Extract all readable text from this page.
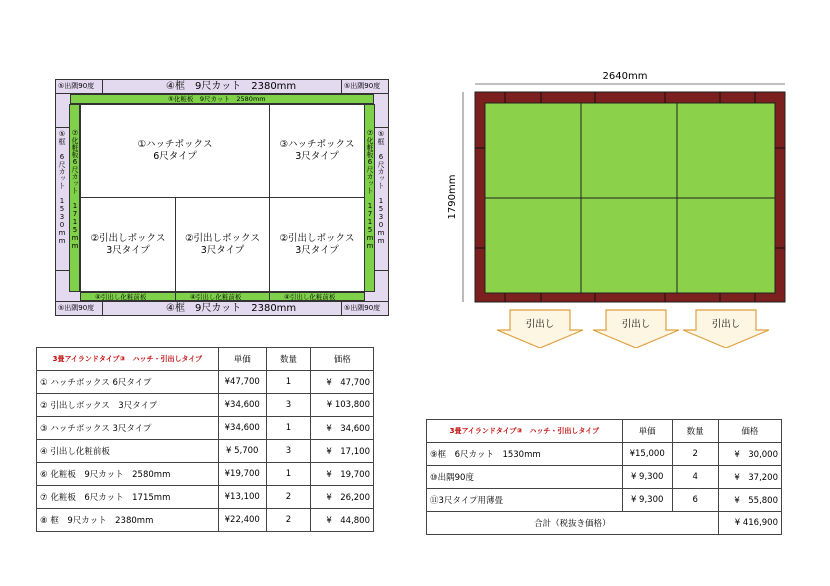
⑤出隅90度	④框　9尺カット　2380mm	⑤出隅90度
⑤化粧板　9尺カット　2580mm
⑤框 6尺カット 1530mm ⑦化粧板6尺カット 1715mm	⑤框 6尺カット 1530mm
⑦化粧板6尺カット 1715mm
①ハッチボックス
6尺タイプ
③ハッチボックス
3尺タイプ
②引出しボックス
3尺タイプ
②引出しボックス
3尺タイプ
②引出しボックス
3尺タイプ
④引出し化粧前板	④引出し化粧前板	④引出し化粧前板
⑤出隅90度	④框　9尺カット　2380mm	⑤出隅90度
2640mm
1790mm
引出し	引出し	引出し
3畳アイランドタイプ③　ハッチ・引出しタイプ	単価	数量	価格
① ハッチボックス 6尺タイプ	¥47,700	1	¥　47,700
② 引出しボックス　3尺タイプ	¥34,600	3	¥ 103,800
③ ハッチボックス 3尺タイプ	¥34,600	1	¥　34,600
④ 引出し化粧前板	¥ 5,700	3	¥　17,100
⑥ 化粧板　9尺カット　2580mm	¥19,700	1	¥　19,700
⑦ 化粧板　6尺カット　1715mm	¥13,100	2	¥　26,200
⑧ 框　9尺カット　2380mm	¥22,400	2	¥　44,800
3畳アイランドタイプ③　ハッチ・引出しタイプ	単価	数量	価格
⑨框　6尺カット　1530mm	¥15,000	2	¥　30,000
⑩出隅90度	¥ 9,300	4	¥　37,200
⑪3尺タイプ用薄畳	¥ 9,300	6	¥　55,800
合計（税抜き価格）			¥ 416,900
